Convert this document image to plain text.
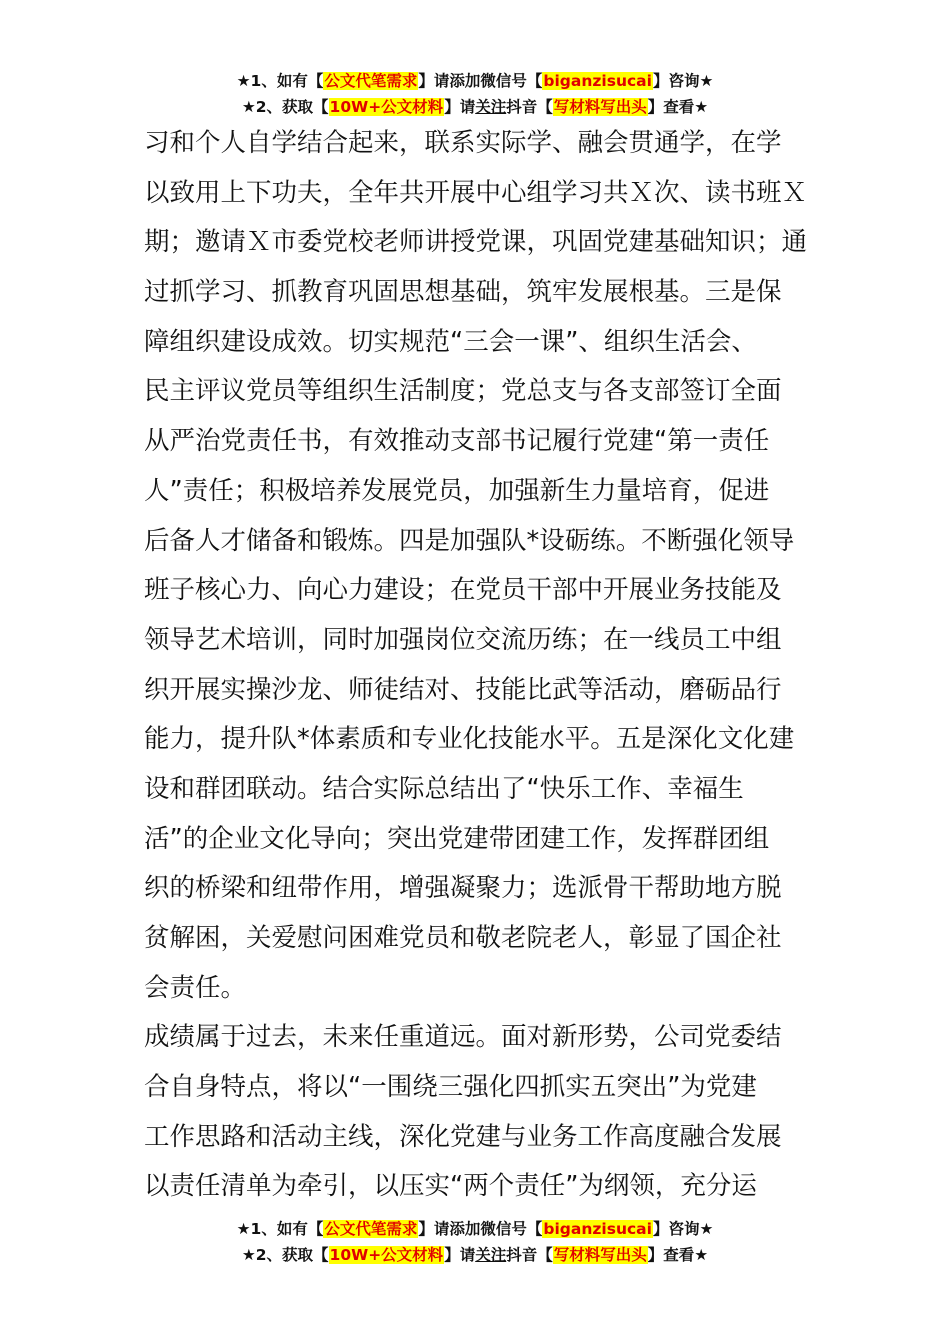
★1、如有【公文代笔需求】请添加微信号【biganzisucai】咨询★
★2、获取【10W+公文材料】请关注抖音【写材料写出头】查看★
习和个人自学结合起来，联系实际学、融会贯通学，在学
以致用上下功夫，全年共开展中心组学习共Ｘ次、读书班Ｘ
期；邀请Ｘ市委党校老师讲授党课，巩固党建基础知识；通
过抓学习、抓教育巩固思想基础，筑牢发展根基。三是保
障组织建设成效。切实规范“三会一课”、组织生活会、
民主评议党员等组织生活制度；党总支与各支部签订全面
从严治党责任书，有效推动支部书记履行党建“第一责任
人”责任；积极培养发展党员，加强新生力量培育，促进
后备人才储备和锻炼。四是加强队*设砺练。不断强化领导
班子核心力、向心力建设；在党员干部中开展业务技能及
领导艺术培训，同时加强岗位交流历练；在一线员工中组
织开展实操沙龙、师徒结对、技能比武等活动，磨砺品行
能力，提升队*体素质和专业化技能水平。五是深化文化建
设和群团联动。结合实际总结出了“快乐工作、幸福生
活”的企业文化导向；突出党建带团建工作，发挥群团组
织的桥梁和纽带作用，增强凝聚力；选派骨干帮助地方脱
贫解困，关爱慰问困难党员和敬老院老人，彰显了国企社
会责任。
成绩属于过去，未来任重道远。面对新形势，公司党委结
合自身特点，将以“一围绕三强化四抓实五突出”为党建
工作思路和活动主线，深化党建与业务工作高度融合发展
以责任清单为牵引，以压实“两个责任”为纲领，充分运
★1、如有【公文代笔需求】请添加微信号【biganzisucai】咨询★
★2、获取【10W+公文材料】请关注抖音【写材料写出头】查看★
